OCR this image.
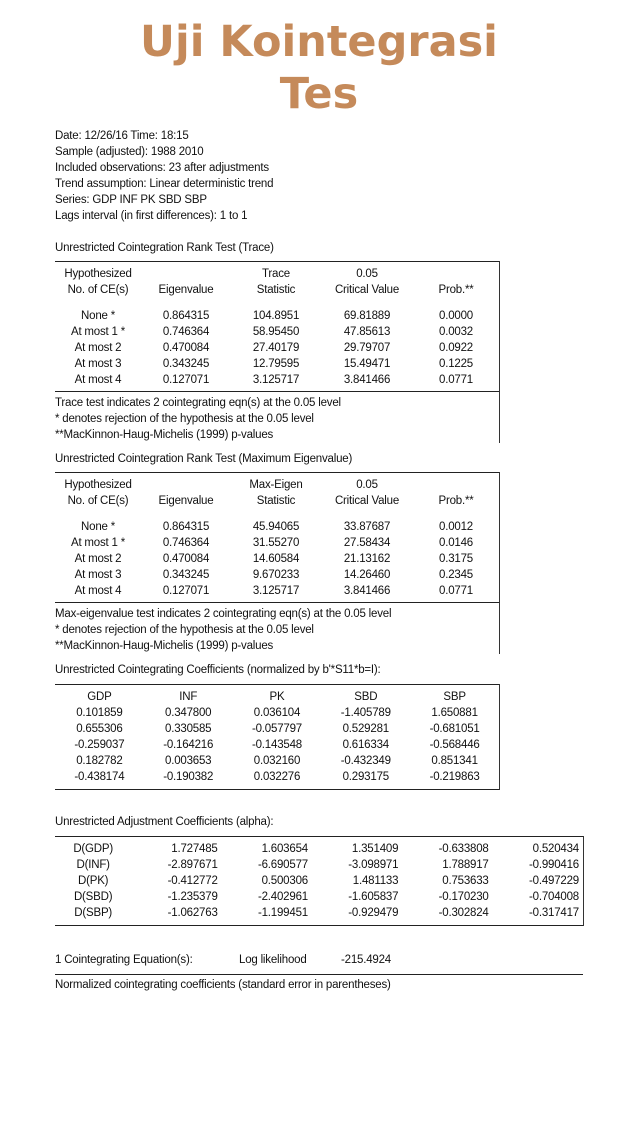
Uji Kointegrasi
Tes
Date: 12/26/16 Time: 18:15
Sample (adjusted): 1988 2010
Included observations: 23 after adjustments
Trend assumption: Linear deterministic trend
Series: GDP INF PK SBD SBP
Lags interval (in first differences): 1 to 1
Unrestricted Cointegration Rank Test (Trace)
Hypothesized		Trace	0.05	
No. of CE(s)	Eigenvalue	Statistic	Critical Value	Prob.**

None *	0.864315	104.8951	69.81889	0.0000
At most 1 *	0.746364	58.95450	47.85613	0.0032
At most 2	0.470084	27.40179	29.79707	0.0922
At most 3	0.343245	12.79595	15.49471	0.1225
At most 4	0.127071	3.125717	3.841466	0.0771
Trace test indicates 2 cointegrating eqn(s) at the 0.05 level
* denotes rejection of the hypothesis at the 0.05 level
**MacKinnon-Haug-Michelis (1999) p-values
Unrestricted Cointegration Rank Test (Maximum Eigenvalue)
Hypothesized		Max-Eigen	0.05	
No. of CE(s)	Eigenvalue	Statistic	Critical Value	Prob.**

None *	0.864315	45.94065	33.87687	0.0012
At most 1 *	0.746364	31.55270	27.58434	0.0146
At most 2	0.470084	14.60584	21.13162	0.3175
At most 3	0.343245	9.670233	14.26460	0.2345
At most 4	0.127071	3.125717	3.841466	0.0771
Max-eigenvalue test indicates 2 cointegrating eqn(s) at the 0.05 level
* denotes rejection of the hypothesis at the 0.05 level
**MacKinnon-Haug-Michelis (1999) p-values
Unrestricted Cointegrating Coefficients (normalized by b'*S11*b=I):
GDP	INF	PK	SBD	SBP
0.101859	0.347800	0.036104	-1.405789	1.650881
0.655306	0.330585	-0.057797	0.529281	-0.681051
-0.259037	-0.164216	-0.143548	0.616334	-0.568446
0.182782	0.003653	0.032160	-0.432349	0.851341
-0.438174	-0.190382	0.032276	0.293175	-0.219863
Unrestricted Adjustment Coefficients (alpha):
D(GDP)	1.727485	1.603654	1.351409	-0.633808	0.520434
D(INF)	-2.897671	-6.690577	-3.098971	1.788917	-0.990416
D(PK)	-0.412772	0.500306	1.481133	0.753633	-0.497229
D(SBD)	-1.235379	-2.402961	-1.605837	-0.170230	-0.704008
D(SBP)	-1.062763	-1.199451	-0.929479	-0.302824	-0.317417
1 Cointegrating Equation(s):	Log likelihood	-215.4924
Normalized cointegrating coefficients (standard error in parentheses)
